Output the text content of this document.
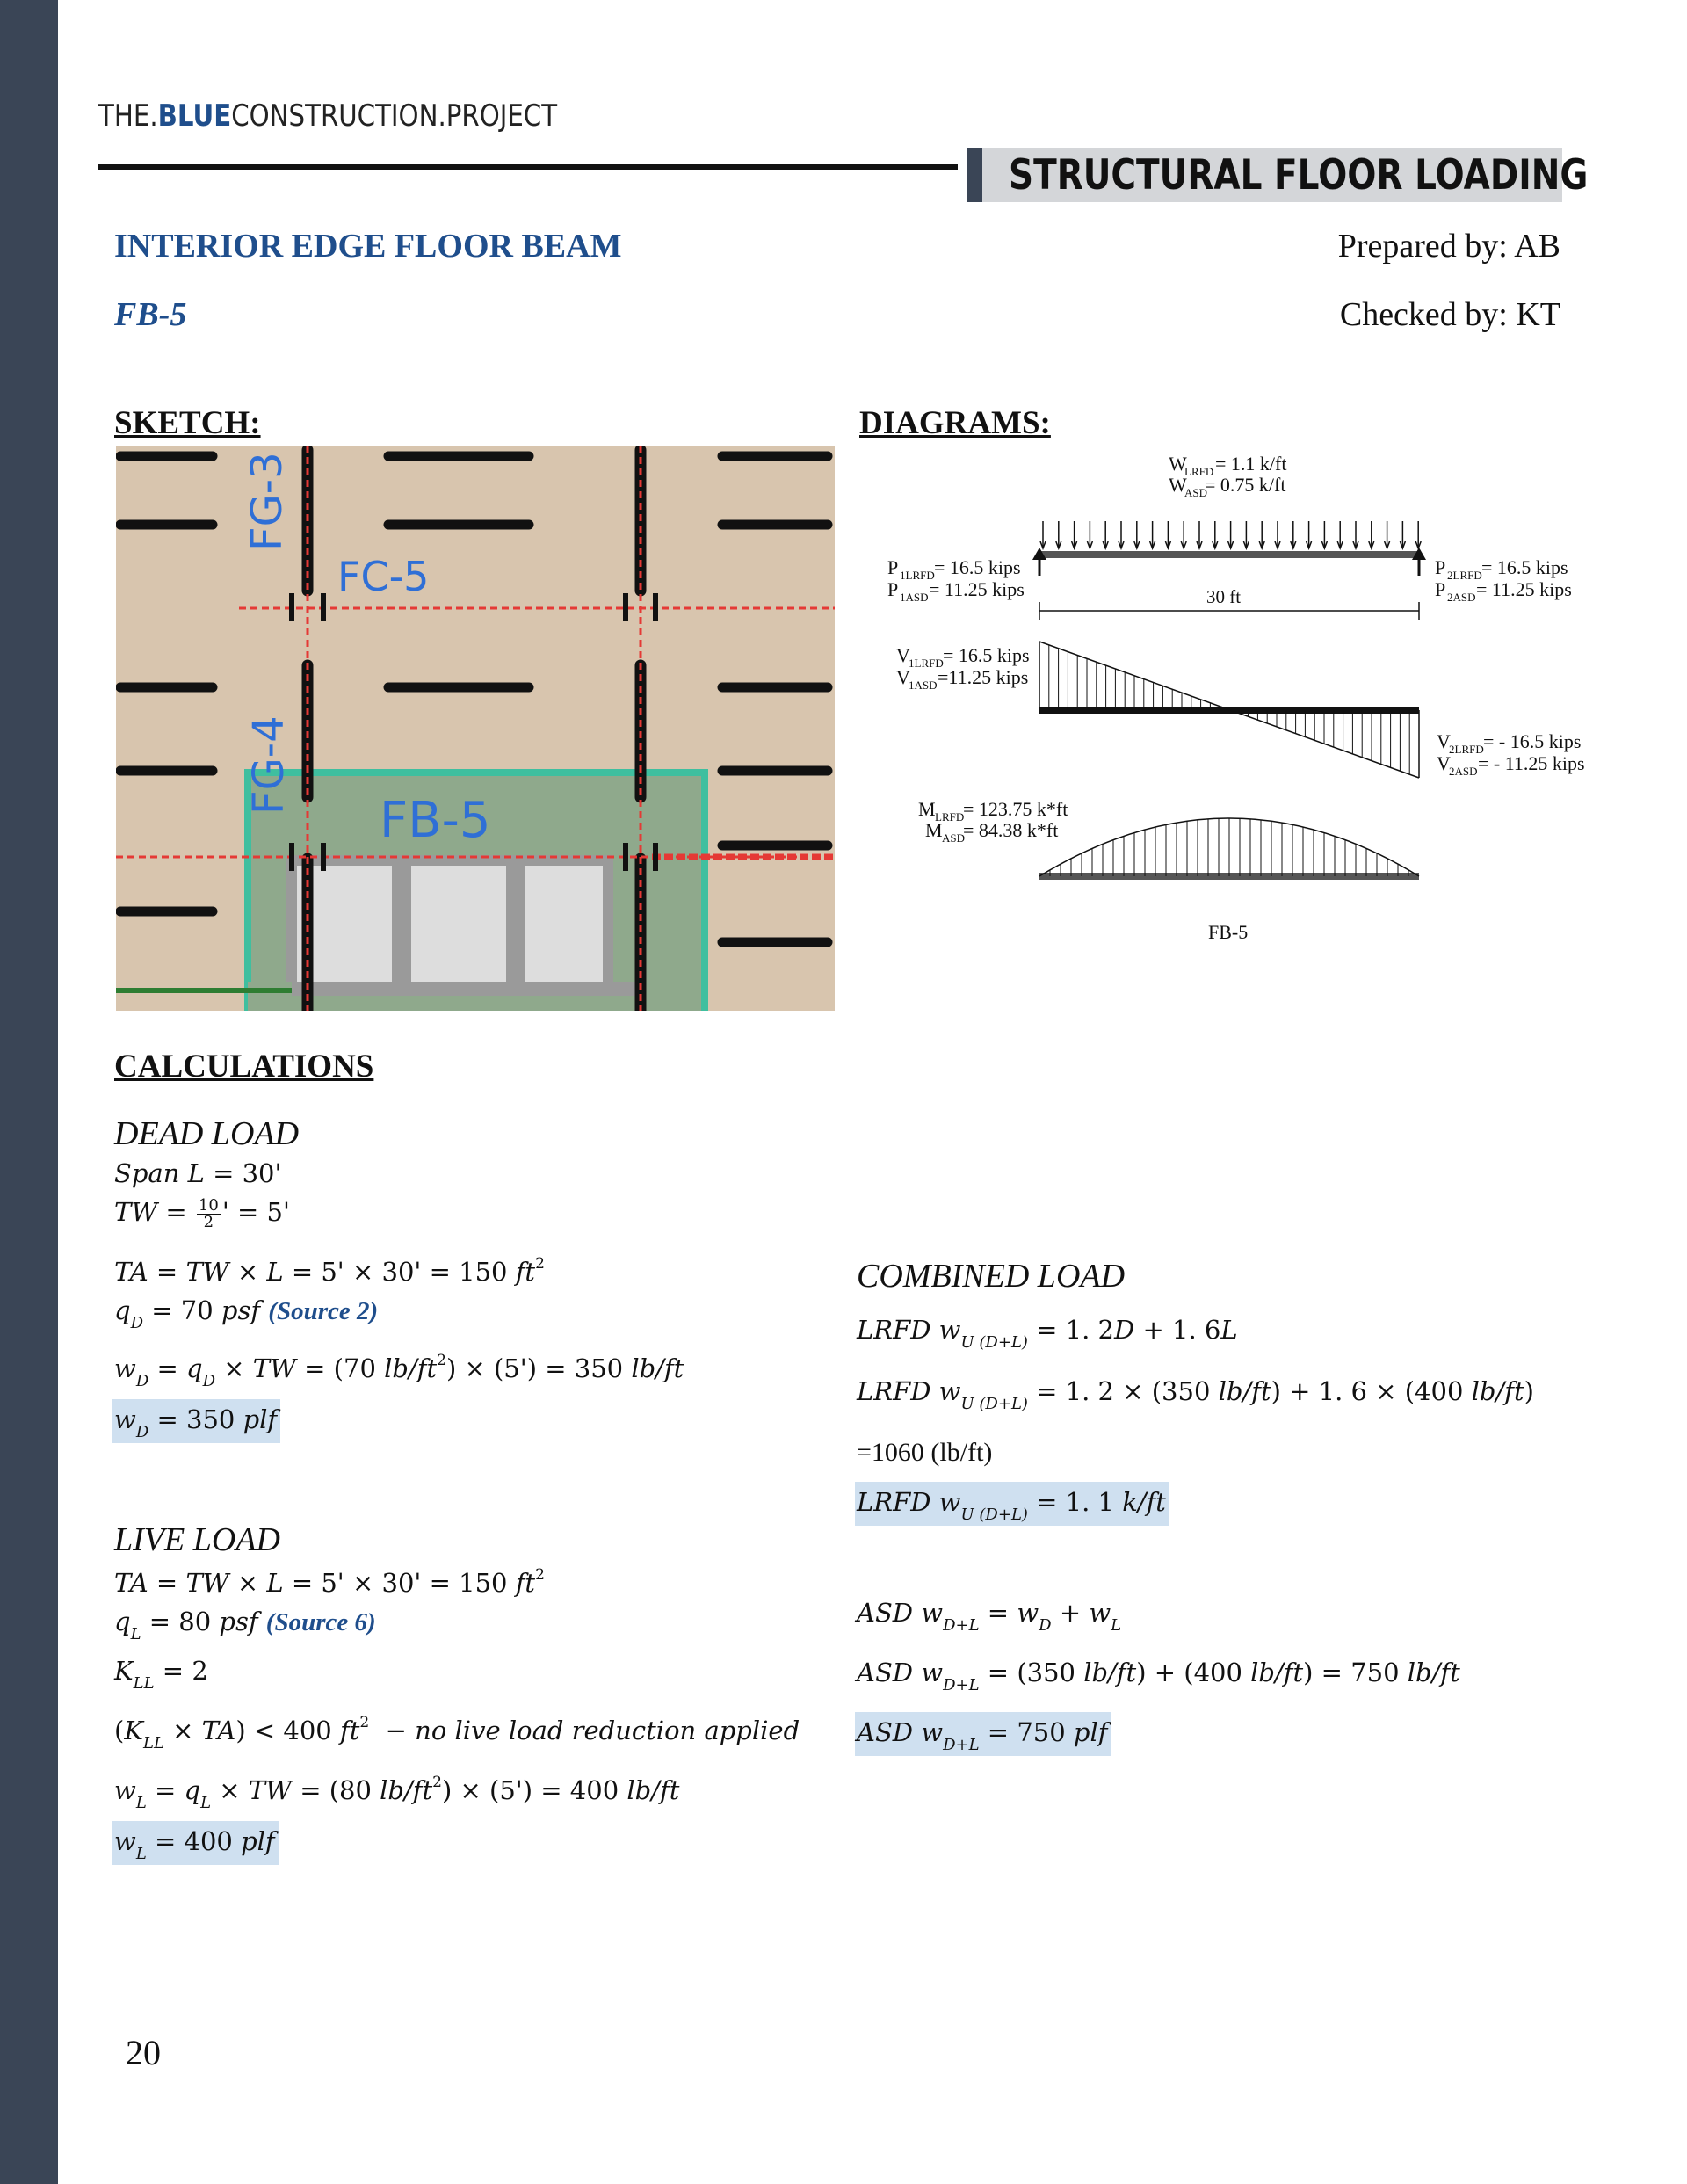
THE.BLUECONSTRUCTION.PROJECT
STRUCTURAL FLOOR LOADING
INTERIOR EDGE FLOOR BEAM
FB-5
Prepared by: AB
Checked by: KT
SKETCH:	DIAGRAMS:
FG-3
FC-5
FG-4
FB-5
W
LRFD = 1.1 k/ft
W
ASD
= 0.75 k/ft
P 1LRFD = 16.5 kips
P 1ASD = 11.25 kips
P 2LRFD = 16.5 kips
P 2ASD = 11.25 kips
30 ft
V
1LRFD = 16.5 kips
V
1ASD =11.25 kips
V
2LRFD = - 16.5 kips
V
2ASD = - 11.25 kips
M LRFD
= 123.75 k*ft
M ASD
= 84.38 k*ft
FB-5
CALCULATIONS
DEAD LOAD
Span L = 30'
TW = $\frac{10}{2}$ ' = 5'
TA = TW × L = 5' × 30' = 150 $ft^2$
$q_D = 70$ psf (Source 2)
$w_D = q_D$ × TW = (70 $lb/ft^2) \times (5') = 350$ lb/ft
$w_D = 350$ plf
LIVE LOAD
TA = TW × L = 5' × 30' = 150 $ft^2$
$q_L = 80$ psf (Source 6)
$K_{LL} = 2$
$(K_{LL} \times TA) < 400$ $ft^2$  − no live load reduction applied
$w_L = q_L$ × TW = (80 $lb/ft^2) \times (5') = 400$ lb/ft
$w_L = 400$ plf
COMBINED LOAD
LRFD $w_{U (D+L)} = 1$. 2D + 1. 6L
LRFD $w_{U (D+L)} = 1$. 2 × (350 lb/ft) + 1. 6 × (400 lb/ft)
=1060 (lb/ft)
LRFD $w_{U (D+L)} = 1$. 1 k/ft
ASD $w_{D+L} = w_D + w_L$
ASD $w_{D+L} = (350$ lb/ft) + (400 lb/ft) = 750 lb/ft
ASD $w_{D+L} = 750$ plf
20
